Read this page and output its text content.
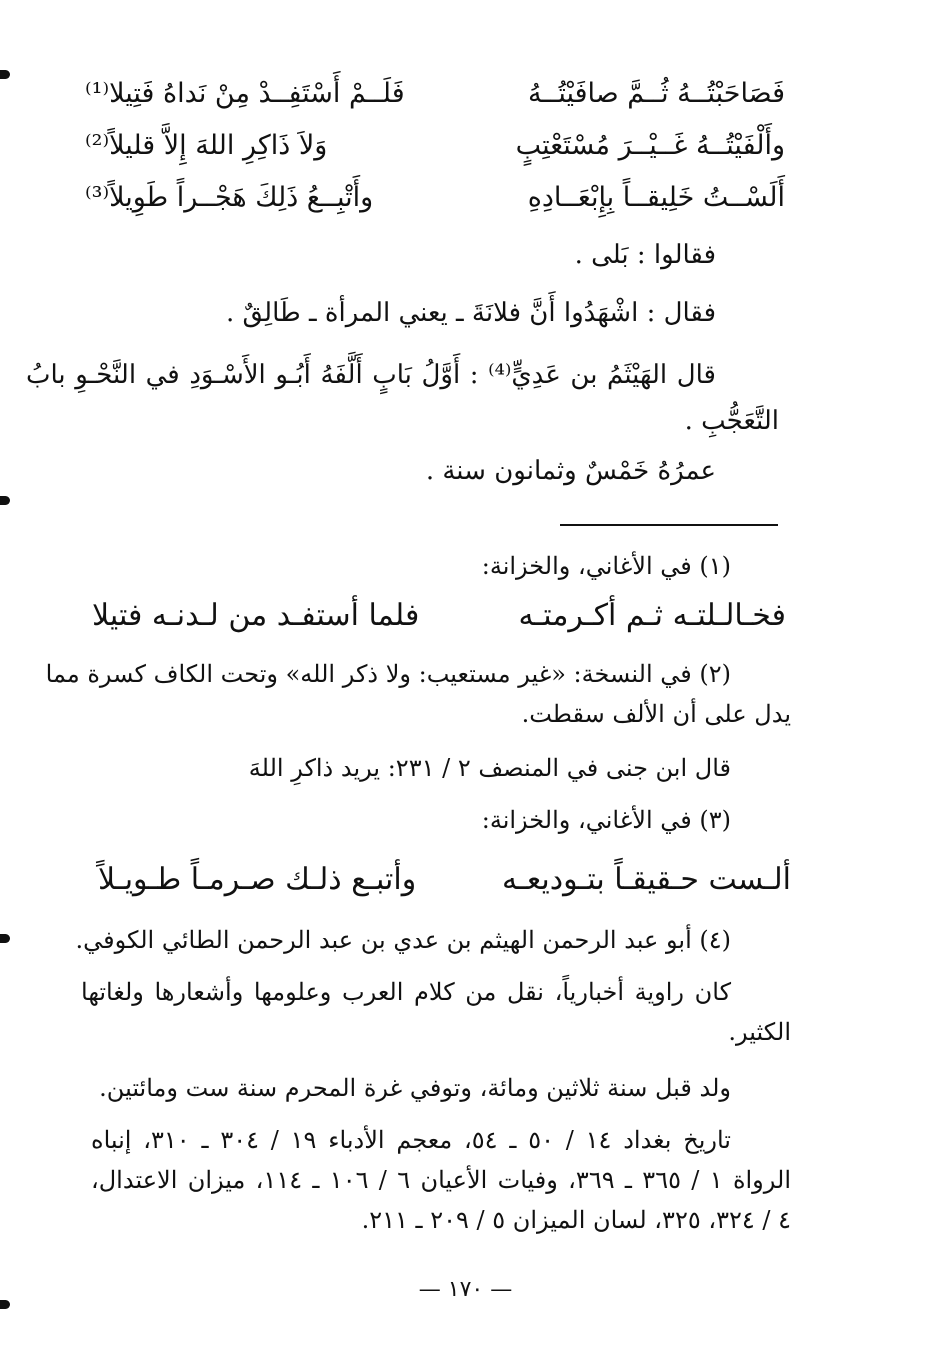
فَصَاحَبْتُــهُ ثُــمَّ صافَيْتُــهُ
فَلَــمْ أَسْتَفِــدْ مِنْ نَداهُ فَتِيلا⁽¹⁾
وأَلْفَيْتُــهُ غَــيْــرَ مُسْتَعْتِبٍ
وَلاَ ذَاكِرِ اللهَ إِلاَّ قليلاً⁽²⁾
أَلَسْــتُ خَلِيقــاً بِإِبْعَــادِهِ
وأَتْبِــعُ ذَلِكَ هَجْــراً طَوِيلاً⁽³⁾
فقالوا : بَلى .
فقال : اشْهَدُوا أَنَّ فلانَةَ ـ يعني المرأة ـ طَالِقٌ .
قال الهَيْثَمُ بن عَدِيٍّ⁽⁴⁾ : أَوَّلُ بَابٍ أَلَّفَهُ أَبُـو الأَسْـوَدِ في النَّحْـوِ بابُ
التَّعَجُّبِ .
عمرُهُ خَمْسٌ وثمانون سنة .
(١) في الأغاني، والخزانة:
فخـالـلتـه ثـم أكـرمتـه
فلما أستفـد من لـدنـه فتيلا
(٢) في النسخة: «غير مستعيب: ولا ذكر الله» وتحت الكاف كسرة مما
يدل على أن الألف سقطت.
قال ابن جنى في المنصف ٢ / ٢٣١: يريد ذاكرِ اللهَ
(٣) في الأغاني، والخزانة:
ألـست حـقيقـاً بتـوديعـه
وأتبـع ذلـك صـرمـاً طـويـلاً
(٤) أبو عبد الرحمن الهيثم بن عدي بن عبد الرحمن الطائي الكوفي.
كان راوية أخبارياً، نقل من كلام العرب وعلومها وأشعارها ولغاتها
الكثير.
ولد قبل سنة ثلاثين ومائة، وتوفي غرة المحرم سنة ست ومائتين.
تاريخ بغداد ١٤ / ٥٠ ـ ٥٤، معجم الأدباء ١٩ / ٣٠٤ ـ ٣١٠، إنباه
الرواة ١ / ٣٦٥ ـ ٣٦٩، وفيات الأعيان ٦ / ١٠٦ ـ ١١٤، ميزان الاعتدال،
٤ / ٣٢٤، ٣٢٥، لسان الميزان ٥ / ٢٠٩ ـ ٢١١.
— ١٧٠ —
